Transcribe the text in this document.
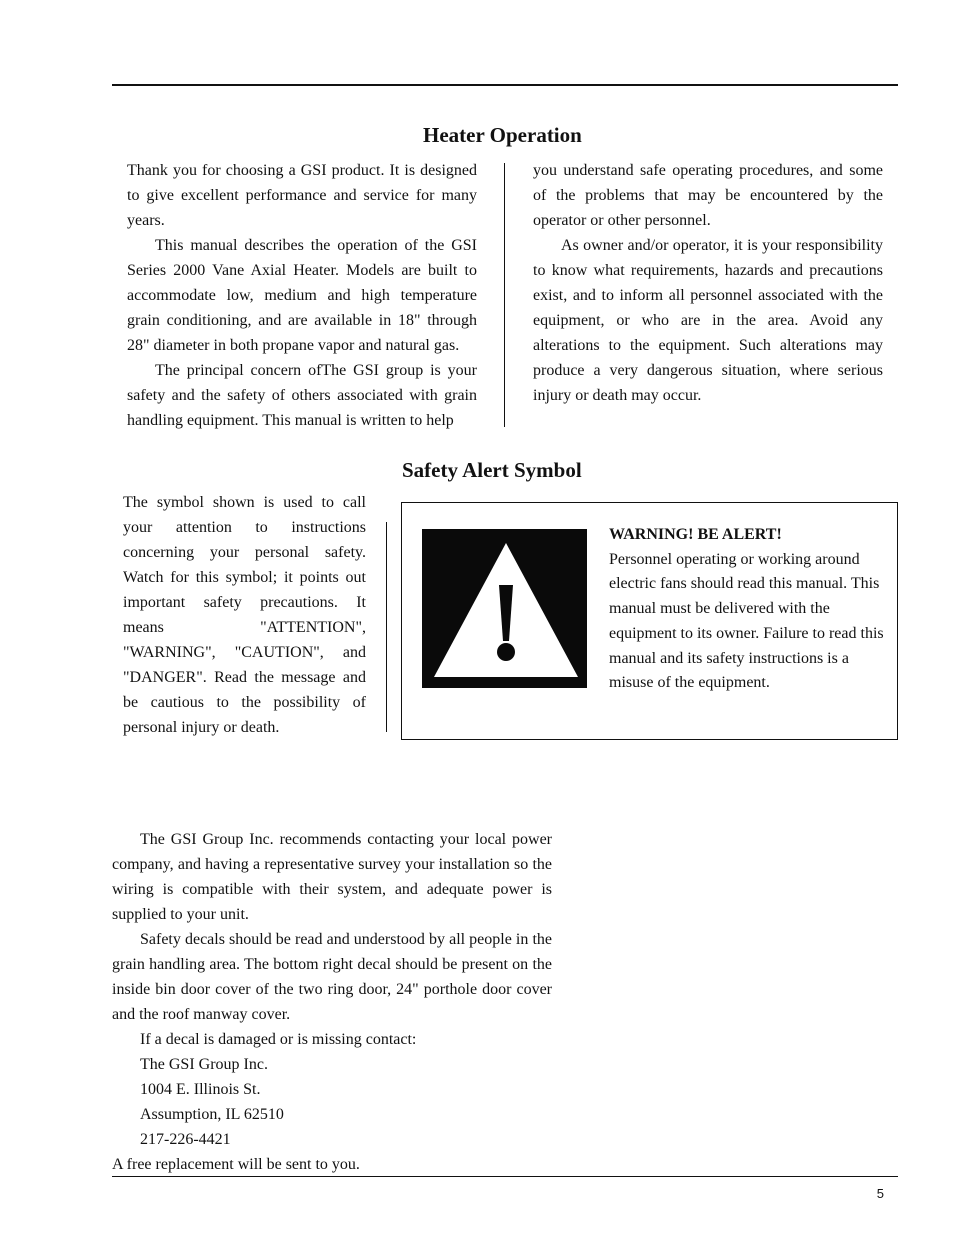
Heater Operation

Thank you for choosing a GSI product. It is designed to give excellent performance and service for many years.

This manual describes the operation of the GSI Series 2000 Vane Axial Heater. Models are built to accommodate low, medium and high temperature grain conditioning, and are available in 18" through 28" diameter in both propane vapor and natural gas.

The principal concern ofThe GSI group is your safety and the safety of others associated with grain handling equipment. This manual is written to help

you understand safe operating procedures, and some of the problems that may be encountered by the operator or other personnel.

As owner and/or operator, it is your responsibility to know what requirements, hazards and precautions exist, and to inform all personnel associated with the equipment, or who are in the area. Avoid any alterations to the equipment. Such alterations may produce a very dangerous situation, where serious injury or death may occur.

Safety Alert Symbol

The symbol shown is used to call your attention to instructions concerning your personal safety. Watch for this symbol; it points out important safety precautions. It means "ATTENTION", "WARNING", "CAUTION", and "DANGER". Read the message and be cautious to the possibility of personal injury or death.

WARNING! BE ALERT!

Personnel operating or working around electric fans should read this manual. This manual must be delivered with the equipment to its owner. Failure to read this manual and its safety instructions is a misuse of the equipment.

The GSI Group Inc. recommends contacting your local power company, and having a representative survey your installation so the wiring is compatible with their system, and adequate power is supplied to your unit.

Safety decals should be read and understood by all people in the grain handling area. The bottom right decal should be present on the inside bin door cover of the two ring door, 24" porthole door cover and the roof manway cover.

If a decal is damaged or is missing contact:

The GSI Group Inc.
1004 E. Illinois St.
Assumption, IL 62510
217-226-4421

A free replacement will be sent to you.

5
